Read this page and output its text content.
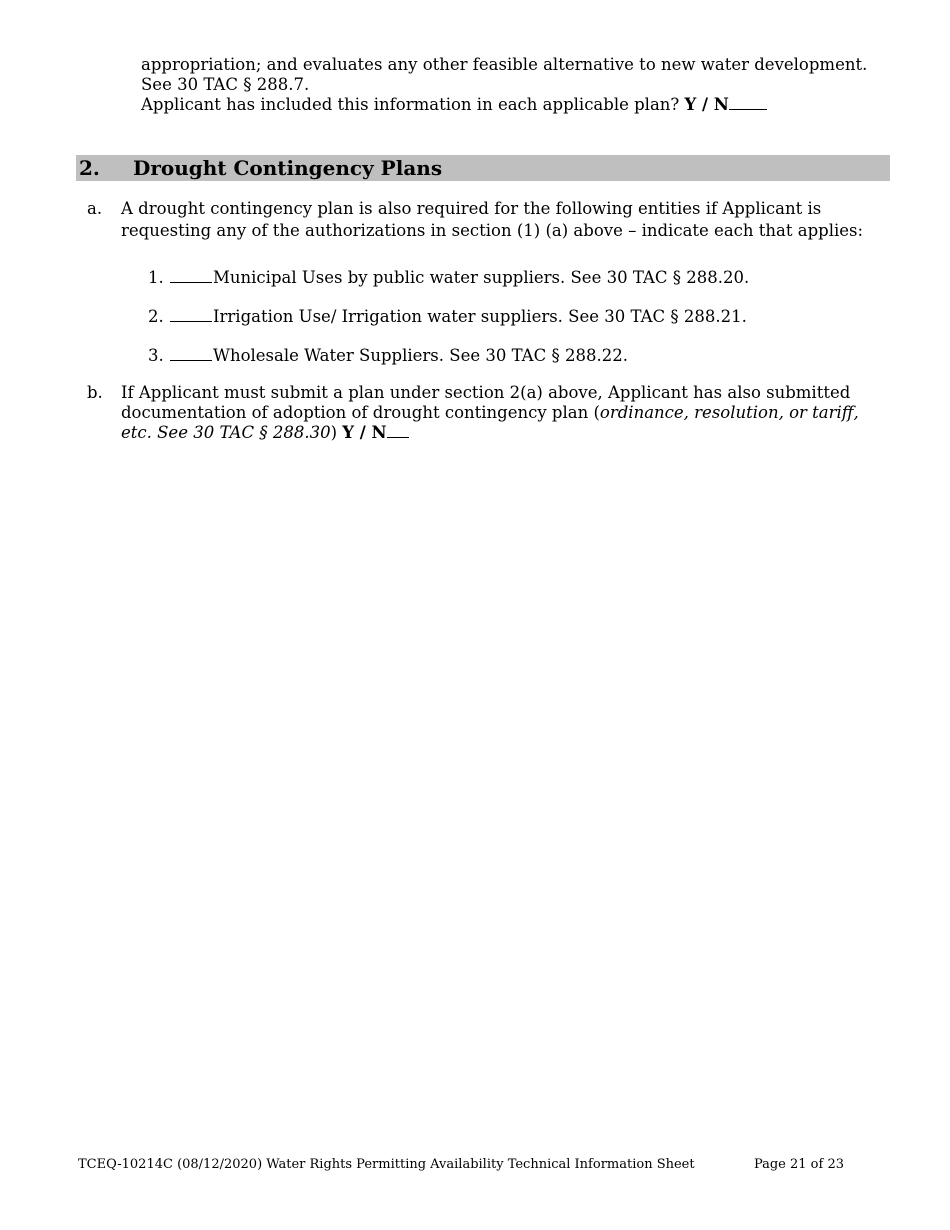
appropriation; and evaluates any other feasible alternative to new water development.
See 30 TAC § 288.7.
Applicant has included this information in each applicable plan? Y / N
2. Drought Contingency Plans
a. A drought contingency plan is also required for the following entities if Applicant is
requesting any of the authorizations in section (1) (a) above – indicate each that applies:
1.	Municipal Uses by public water suppliers. See 30 TAC § 288.20.
2.	Irrigation Use/ Irrigation water suppliers. See 30 TAC § 288.21.
3.	Wholesale Water Suppliers. See 30 TAC § 288.22.
b. If Applicant must submit a plan under section 2(a) above, Applicant has also submitted
documentation of adoption of drought contingency plan (ordinance, resolution, or tariff,
etc. See 30 TAC § 288.30) Y / N
TCEQ-10214C (08/12/2020) Water Rights Permitting Availability Technical Information Sheet	Page 21 of 23
